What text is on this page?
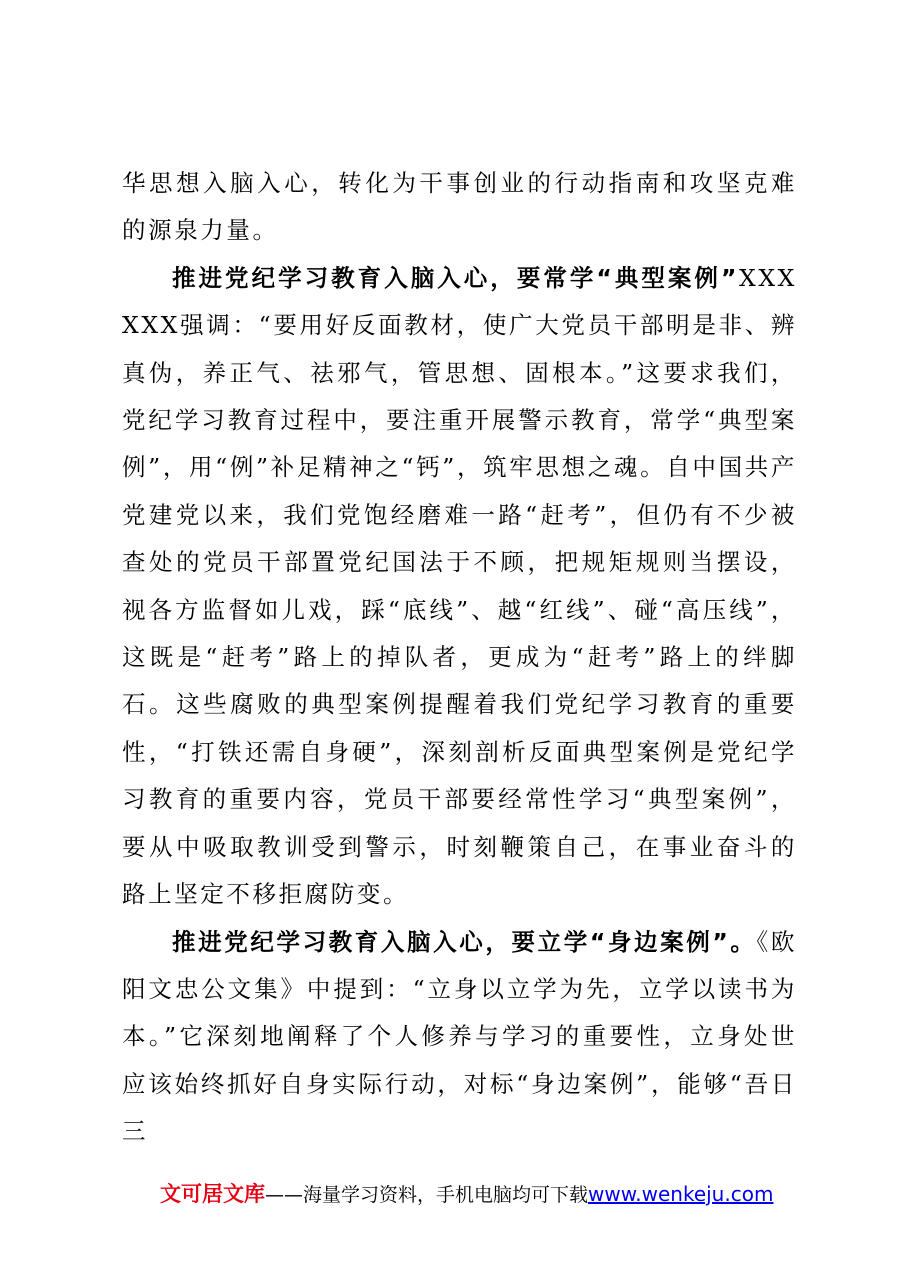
华思想入脑入心，转化为干事创业的行动指南和攻坚克难的源泉力量。

推进党纪学习教育入脑入心，要常学“典型案例”XXXXXX强调：“要用好反面教材，使广大党员干部明是非、辨真伪，养正气、祛邪气，管思想、固根本。”这要求我们，党纪学习教育过程中，要注重开展警示教育，常学“典型案例”，用“例”补足精神之“钙”，筑牢思想之魂。自中国共产党建党以来，我们党饱经磨难一路“赶考”，但仍有不少被查处的党员干部置党纪国法于不顾，把规矩规则当摆设，视各方监督如儿戏，踩“底线”、越“红线”、碰“高压线”，这既是“赶考”路上的掉队者，更成为“赶考”路上的绊脚石。这些腐败的典型案例提醒着我们党纪学习教育的重要性，“打铁还需自身硬”，深刻剖析反面典型案例是党纪学习教育的重要内容，党员干部要经常性学习“典型案例”，要从中吸取教训受到警示，时刻鞭策自己，在事业奋斗的路上坚定不移拒腐防变。

推进党纪学习教育入脑入心，要立学“身边案例”。《欧阳文忠公文集》中提到：“立身以立学为先，立学以读书为本。”它深刻地阐释了个人修养与学习的重要性，立身处世应该始终抓好自身实际行动，对标“身边案例”，能够“吾日三

文可居文库——海量学习资料，手机电脑均可下载www.wenkeju.com
